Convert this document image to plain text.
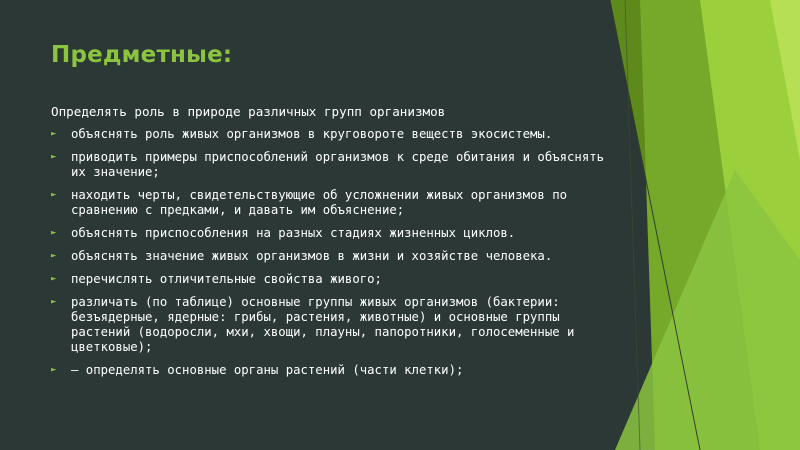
Предметные:
Определять роль в природе различных групп организмов
► объяснять роль живых организмов в круговороте веществ экосистемы.
► приводить примеры приспособлений организмов к среде обитания и объяснять их значение;
► находить черты, свидетельствующие об усложнении живых организмов по сравнению с предками, и давать им объяснение;
► объяснять приспособления на разных стадиях жизненных циклов.
► объяснять значение живых организмов в жизни и хозяйстве человека.
► перечислять отличительные свойства живого;
► различать (по таблице) основные группы живых организмов (бактерии: безъядерные, ядерные: грибы, растения, животные) и основные группы растений (водоросли, мхи, хвощи, плауны, папоротники, голосеменные и цветковые);
► – определять основные органы растений (части клетки);
